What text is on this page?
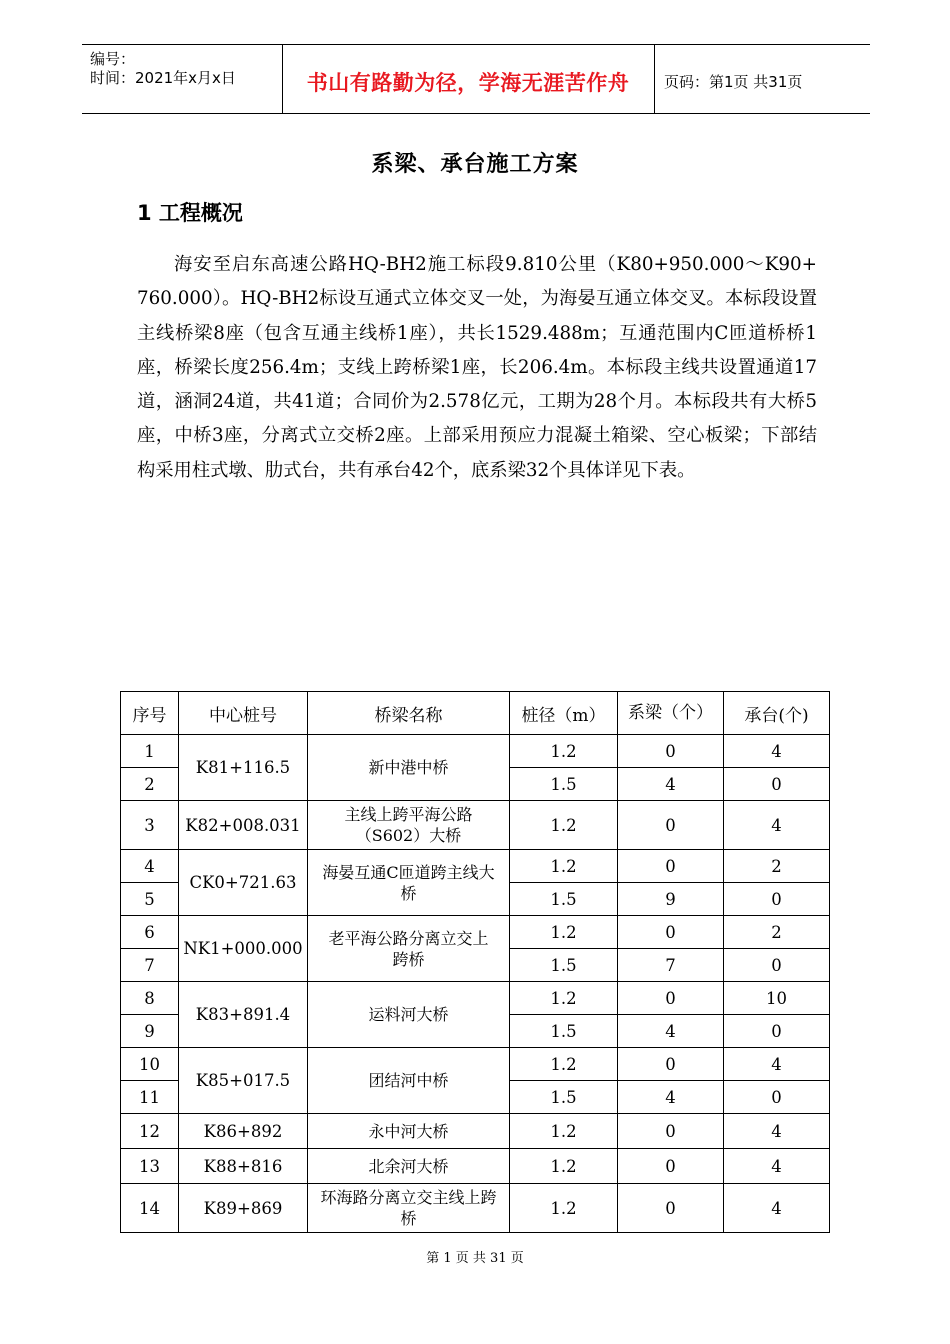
编号：
时间：2021年x月x日	书山有路勤为径，学海无涯苦作舟	页码：第1页 共31页
系梁、承台施工方案
1 工程概况

海安至启东高速公路HQ-BH2施工标段9.810公里（K80+950.000～K90+ 760.000）。HQ-BH2标设互通式立体交叉一处，为海晏互通立体交叉。本标段设置主线桥梁8座（包含互通主线桥1座），共长1529.488m；互通范围内C匝道桥桥1座，桥梁长度256.4m；支线上跨桥梁1座，长206.4m。本标段主线共设置通道17道，涵洞24道，共41道；合同价为2.578亿元，工期为28个月。本标段共有大桥5座，中桥3座，分离式立交桥2座。上部采用预应力混凝土箱梁、空心板梁；下部结构采用柱式墩、肋式台，共有承台42个，底系梁32个具体详见下表。

序号	中心桩号	桥梁名称	桩径（m）	系梁（个）	承台(个)
1	K81+116.5	新中港中桥	1.2	0	4
2			1.5	4	0
3	K82+008.031	主线上跨平海公路（S602）大桥	1.2	0	4
4	CK0+721.63	海晏互通C匝道跨主线大桥	1.2	0	2
5			1.5	9	0
6	NK1+000.000	老平海公路分离立交上跨桥	1.2	0	2
7			1.5	7	0
8	K83+891.4	运料河大桥	1.2	0	10
9			1.5	4	0
10	K85+017.5	团结河中桥	1.2	0	4
11			1.5	4	0
12	K86+892	永中河大桥	1.2	0	4
13	K88+816	北余河大桥	1.2	0	4
14	K89+869	环海路分离立交主线上跨桥	1.2	0	4
第 1 页 共 31 页
